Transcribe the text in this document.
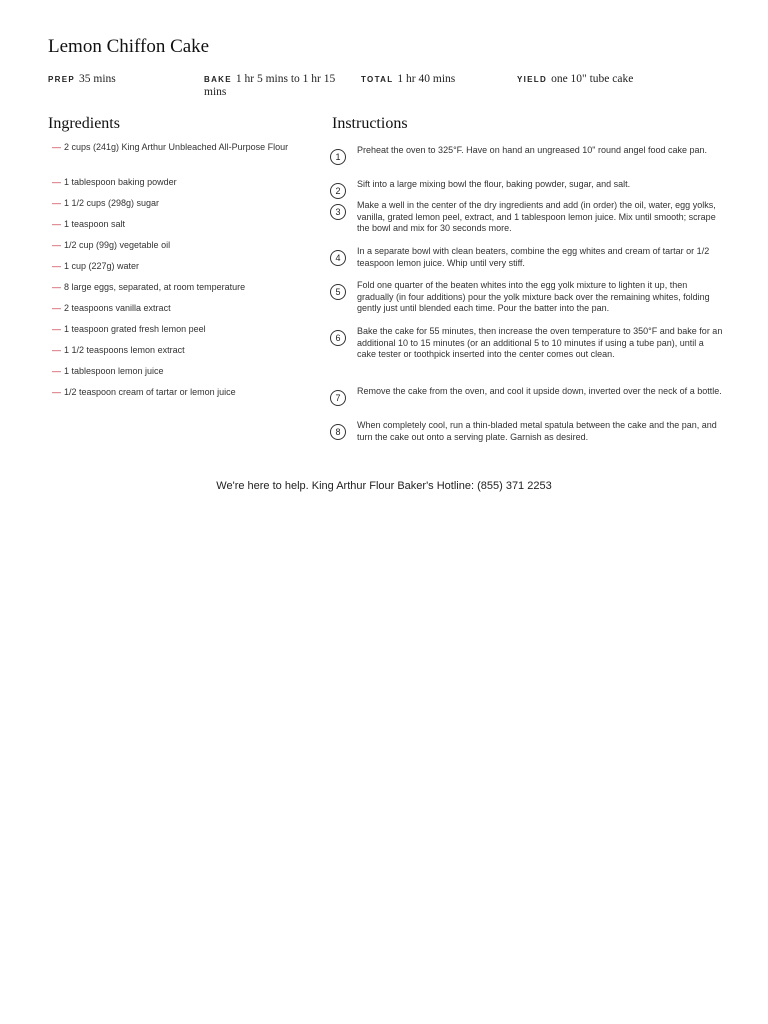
Lemon Chiffon Cake
PREP 35 mins	BAKE 1 hr 5 mins to 1 hr 15 mins
TOTAL 1 hr 40 mins	YIELD one 10" tube cake
Ingredients	Instructions
— 2 cups (241g) King Arthur Unbleached All-Purpose Flour
— 1 tablespoon baking powder
— 1 1/2 cups (298g) sugar
— 1 teaspoon salt
— 1/2 cup (99g) vegetable oil
— 1 cup (227g) water
— 8 large eggs, separated, at room temperature
— 2 teaspoons vanilla extract
— 1 teaspoon grated fresh lemon peel
— 1 1/2 teaspoons lemon extract
— 1 tablespoon lemon juice
— 1/2 teaspoon cream of tartar or lemon juice
1
Preheat the oven to 325°F. Have on hand an ungreased 10" round angel food cake pan.
2
Sift into a large mixing bowl the flour, baking powder, sugar, and salt.
3
Make a well in the center of the dry ingredients and add (in order) the oil, water, egg yolks, vanilla, grated lemon peel, extract, and 1 tablespoon lemon juice. Mix until smooth; scrape the bowl and mix for 30 seconds more.
4
In a separate bowl with clean beaters, combine the egg whites and cream of tartar or 1/2 teaspoon lemon juice. Whip until very stiff.
5
Fold one quarter of the beaten whites into the egg yolk mixture to lighten it up, then gradually (in four additions) pour the yolk mixture back over the remaining whites, folding gently just until blended each time. Pour the batter into the pan.
6
Bake the cake for 55 minutes, then increase the oven temperature to 350°F and bake for an additional 10 to 15 minutes (or an additional 5 to 10 minutes if using a tube pan), until a cake tester or toothpick inserted into the center comes out clean.
7
Remove the cake from the oven, and cool it upside down, inverted over the neck of a bottle.
8
When completely cool, run a thin-bladed metal spatula between the cake and the pan, and turn the cake out onto a serving plate. Garnish as desired.
We're here to help. King Arthur Flour Baker's Hotline: (855) 371 2253
